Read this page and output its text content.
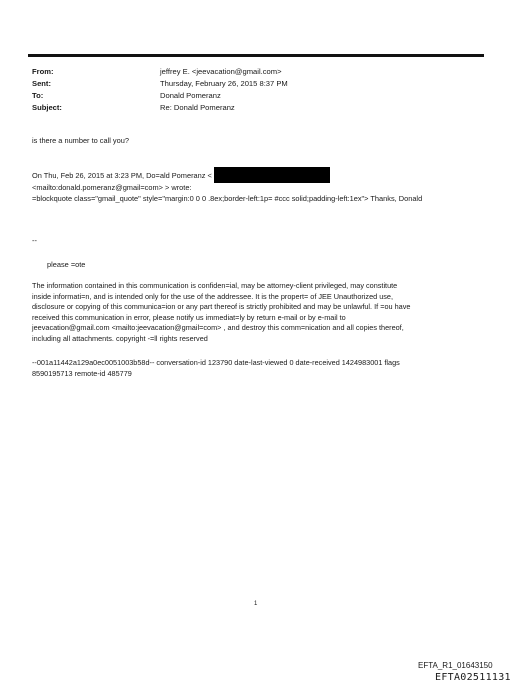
From:	jeffrey E. <jeevacation@gmail.com>
Sent:	Thursday, February 26, 2015 8:37 PM
To:	Donald Pomeranz
Subject:	Re: Donald Pomeranz
is there a number to call you?
On Thu, Feb 26, 2015 at 3:23 PM, Do=ald Pomeranz <
<mailto:donald.pomeranz@gmail=com> > wrote:
=blockquote class="gmail_quote" style="margin:0 0 0 .8ex;border-left:1p= #ccc solid;padding-left:1ex"> Thanks, Donald
--
please =ote
The information contained in this communication is confiden=ial, may be attorney-client privileged, may constitute
inside informati=n, and is intended only for the use of the addressee. It is the propert= of JEE Unauthorized use,
disclosure or copying of this communica=ion or any part thereof is strictly prohibited and may be unlawful. If =ou have
received this communication in error, please notify us immediat=ly by return e-mail or by e-mail to
jeevacation@gmail.com <mailto:jeevacation@gmail=com> , and destroy this comm=nication and all copies thereof,
including all attachments. copyright -=ll rights reserved
--001a11442a129a0ec0051003b58d-- conversation-id 123790 date-last-viewed 0 date-received 1424983001 flags
8590195713 remote-id 485779
1
EFTA_R1_01643150
EFTA02511131
